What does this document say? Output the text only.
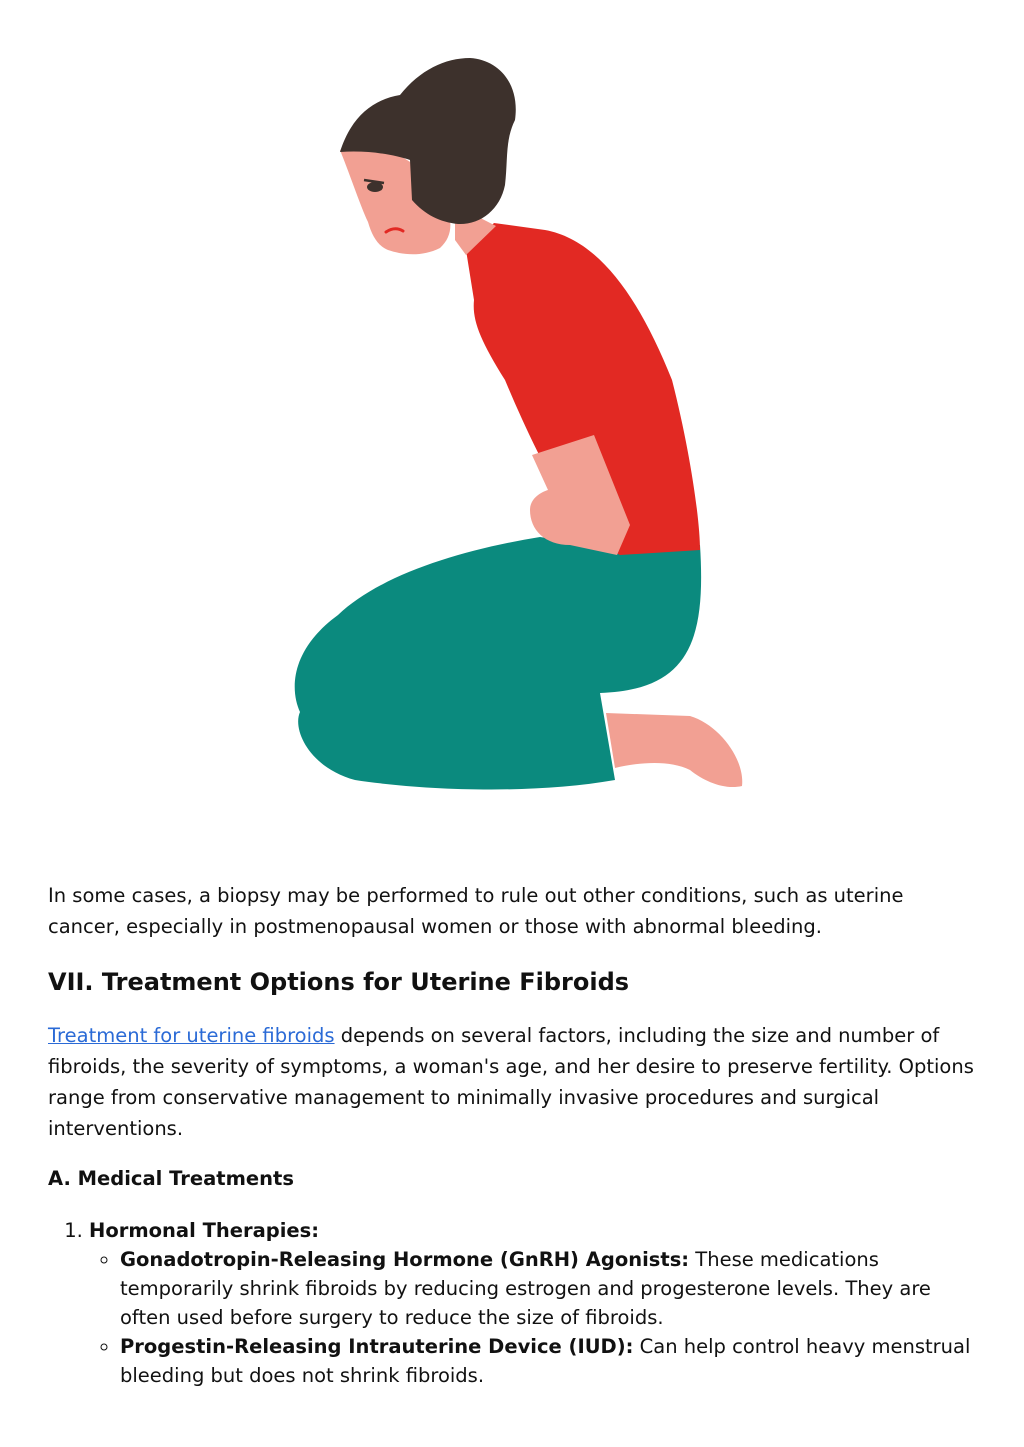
In some cases, a biopsy may be performed to rule out other conditions, such as uterine cancer, especially in postmenopausal women or those with abnormal bleeding.

VII. Treatment Options for Uterine Fibroids

Treatment for uterine fibroids depends on several factors, including the size and number of fibroids, the severity of symptoms, a woman's age, and her desire to preserve fertility. Options range from conservative management to minimally invasive procedures and surgical interventions.

A. Medical Treatments
1. Hormonal Therapies:
◦ Gonadotropin-Releasing Hormone (GnRH) Agonists: These medications temporarily shrink fibroids by reducing estrogen and progesterone levels. They are often used before surgery to reduce the size of fibroids.
◦ Progestin-Releasing Intrauterine Device (IUD): Can help control heavy menstrual bleeding but does not shrink fibroids.
